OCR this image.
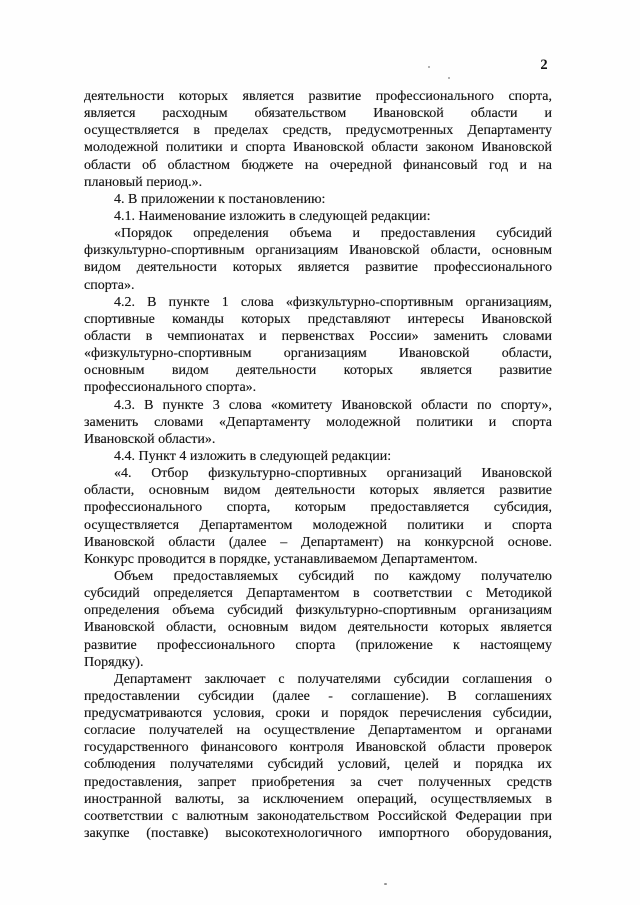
2
деятельности которых является развитие профессионального спорта,
является расходным обязательством Ивановской области и
осуществляется в пределах средств, предусмотренных Департаменту
молодежной политики и спорта Ивановской области законом Ивановской
области об областном бюджете на очередной финансовый год и на
плановый период.».
4. В приложении к постановлению:
4.1. Наименование изложить в следующей редакции:
«Порядок определения объема и предоставления субсидий
физкультурно-спортивным организациям Ивановской области, основным
видом деятельности которых является развитие профессионального
спорта».
4.2. В пункте 1 слова «физкультурно-спортивным организациям,
спортивные команды которых представляют интересы Ивановской
области в чемпионатах и первенствах России» заменить словами
«физкультурно-спортивным организациям Ивановской области,
основным видом деятельности которых является развитие
профессионального спорта».
4.3. В пункте 3 слова «комитету Ивановской области по спорту»,
заменить словами «Департаменту молодежной политики и спорта
Ивановской области».
4.4. Пункт 4 изложить в следующей редакции:
«4. Отбор физкультурно-спортивных организаций Ивановской
области, основным видом деятельности которых является развитие
профессионального спорта, которым предоставляется субсидия,
осуществляется Департаментом молодежной политики и спорта
Ивановской области (далее – Департамент) на конкурсной основе.
Конкурс проводится в порядке, устанавливаемом Департаментом.
Объем предоставляемых субсидий по каждому получателю
субсидий определяется Департаментом в соответствии с Методикой
определения объема субсидий физкультурно-спортивным организациям
Ивановской области, основным видом деятельности которых является
развитие профессионального спорта (приложение к настоящему
Порядку).
Департамент заключает с получателями субсидии соглашения о
предоставлении субсидии (далее - соглашение). В соглашениях
предусматриваются условия, сроки и порядок перечисления субсидии,
согласие получателей на осуществление Департаментом и органами
государственного финансового контроля Ивановской области проверок
соблюдения получателями субсидий условий, целей и порядка их
предоставления, запрет приобретения за счет полученных средств
иностранной валюты, за исключением операций, осуществляемых в
соответствии с валютным законодательством Российской Федерации при
закупке (поставке) высокотехнологичного импортного оборудования,
